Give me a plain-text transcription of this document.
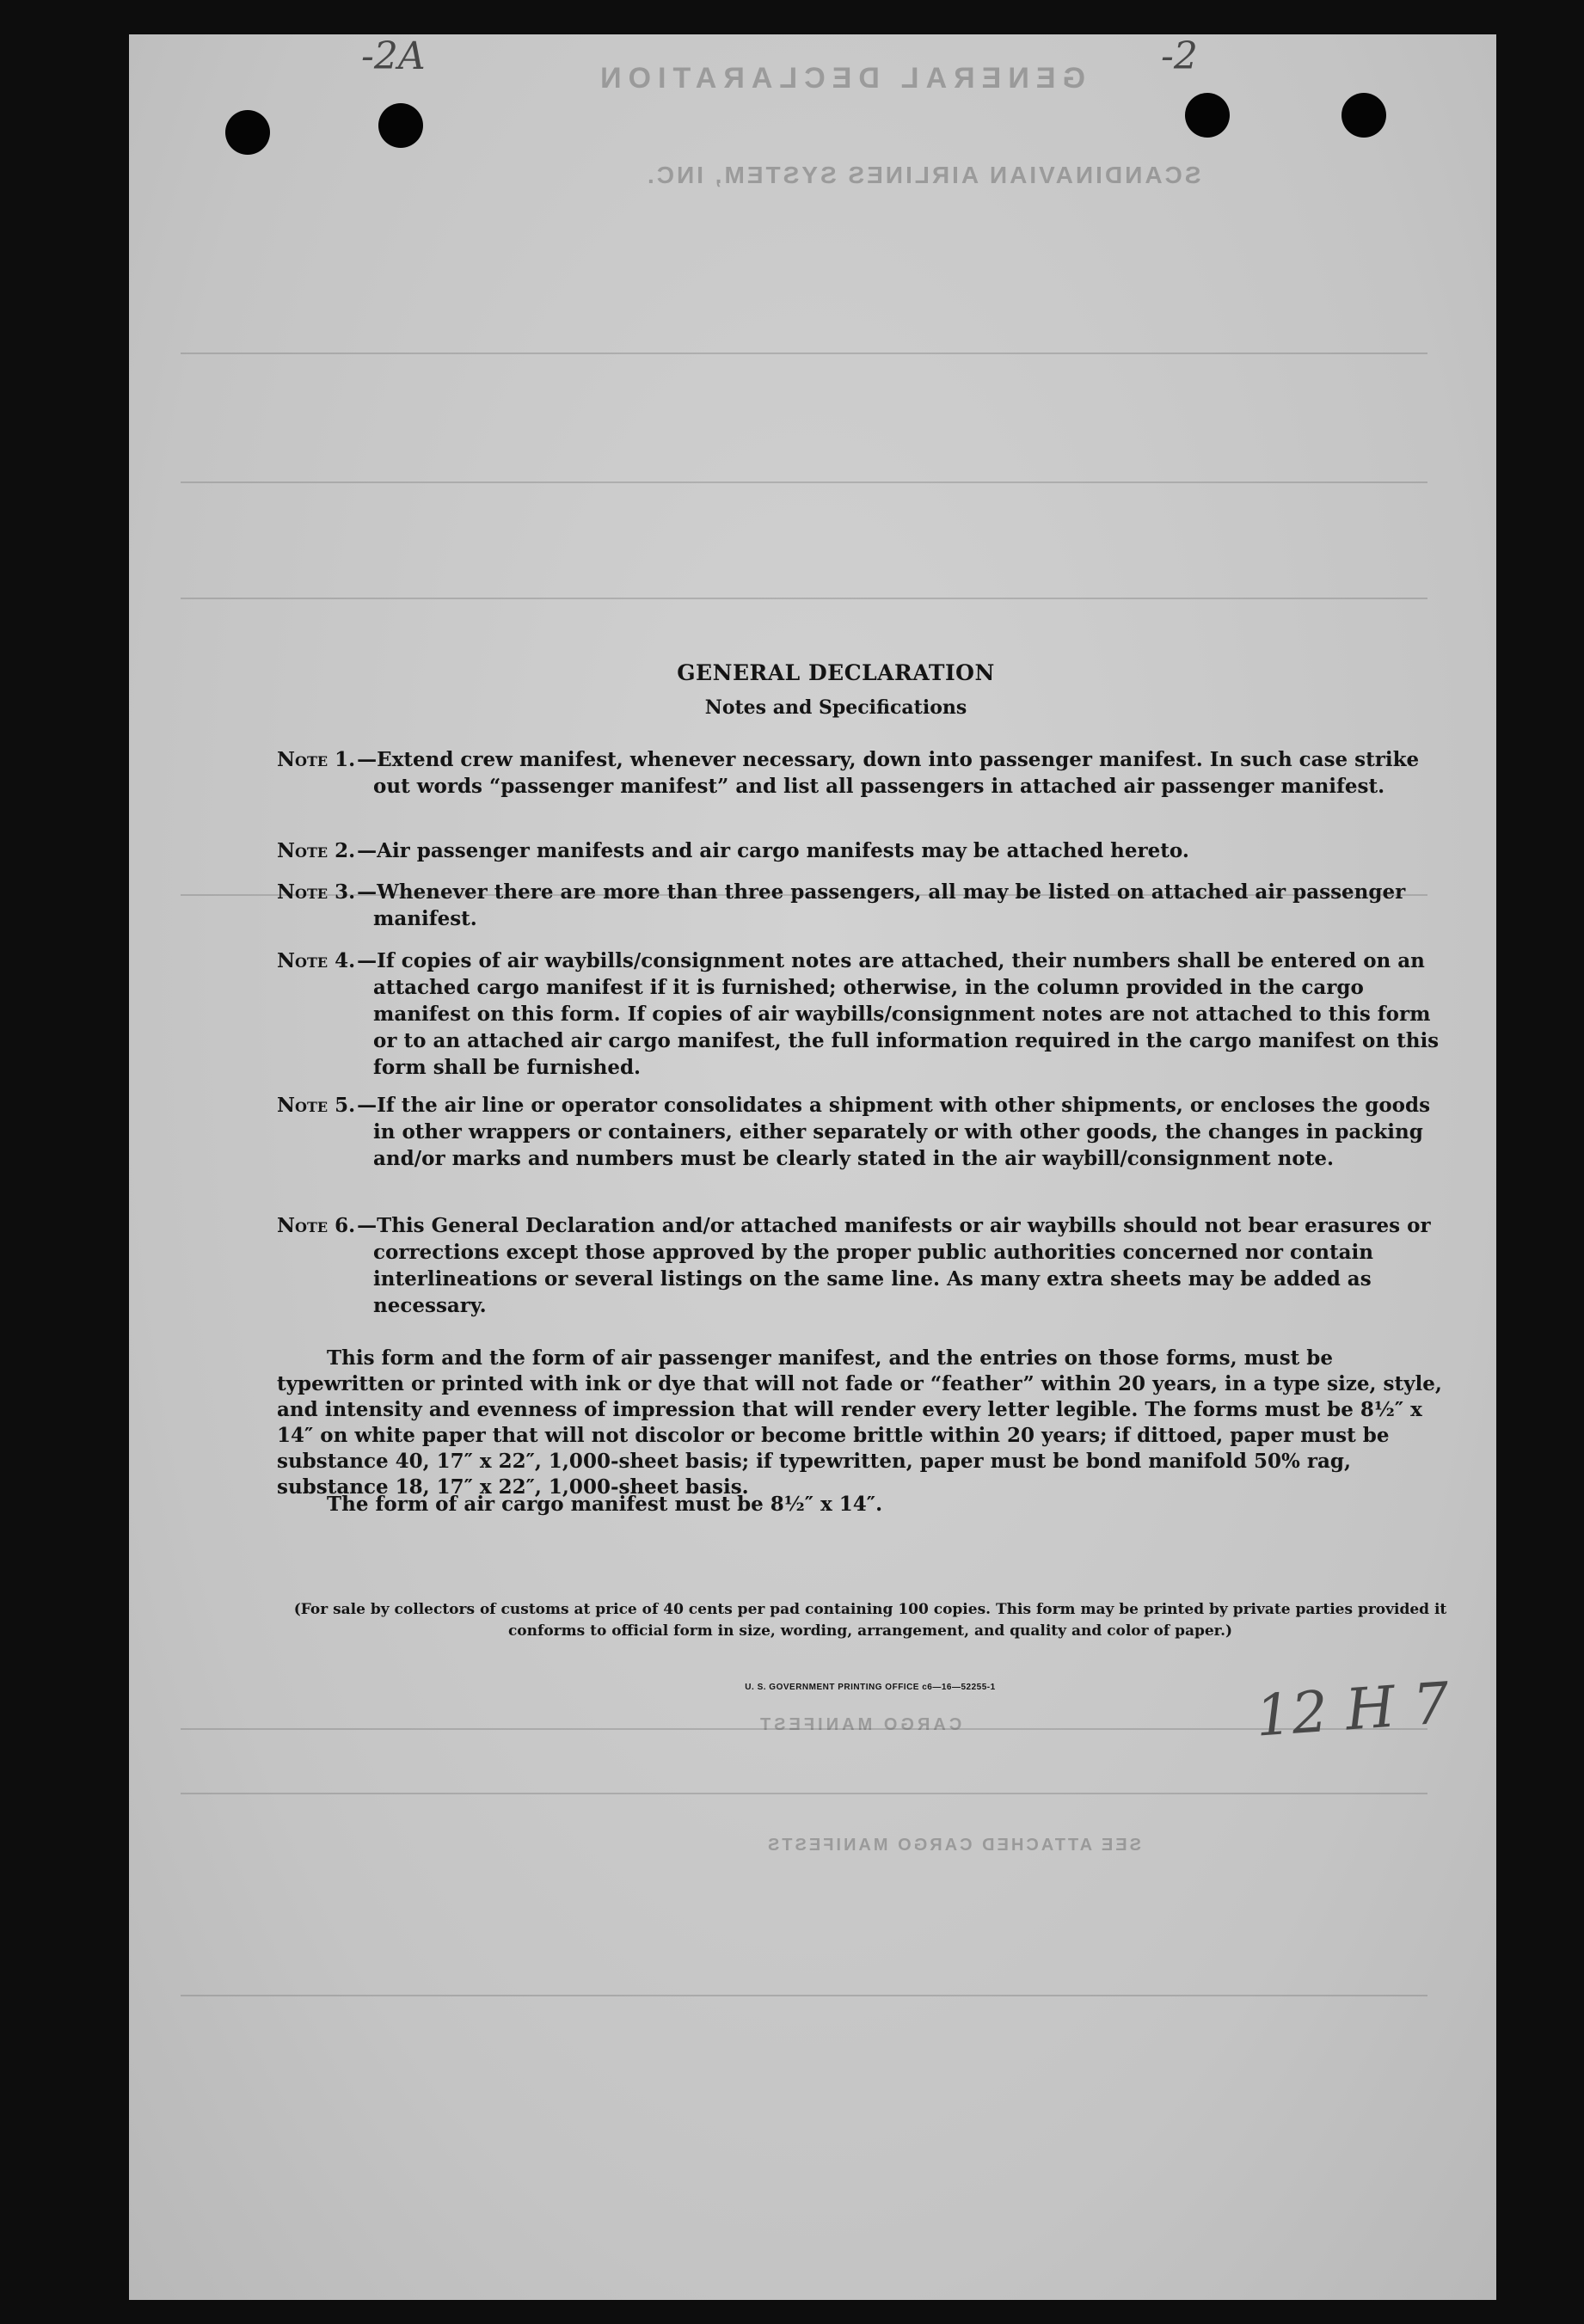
-2A	-2
12 H 7
GENERAL DECLARATION
SCANDINAVIAN AIRLINES SYSTEM, INC.
CARGO MANIFEST
SEE ATTACHED CARGO MANIFESTS
GENERAL DECLARATION
Notes and Specifications
Note 1. —Extend crew manifest, whenever necessary, down into passenger manifest. In such case strike out words “passenger manifest” and list all passengers in attached air passenger manifest.
Note 2. —Air passenger manifests and air cargo manifests may be attached hereto.
Note 3. —Whenever there are more than three passengers, all may be listed on attached air passenger manifest.
Note 4. —If copies of air waybills/consignment notes are attached, their numbers shall be entered on an attached cargo manifest if it is furnished; otherwise, in the column provided in the cargo manifest on this form. If copies of air waybills/consignment notes are not attached to this form or to an attached air cargo manifest, the full information required in the cargo manifest on this form shall be furnished.
Note 5. —If the air line or operator consolidates a shipment with other shipments, or encloses the goods in other wrappers or containers, either separately or with other goods, the changes in packing and/or marks and numbers must be clearly stated in the air waybill/consignment note.
Note 6. —This General Declaration and/or attached manifests or air waybills should not bear erasures or corrections except those approved by the proper public authorities concerned nor contain interlineations or several listings on the same line. As many extra sheets may be added as necessary.
This form and the form of air passenger manifest, and the entries on those forms, must be typewritten or printed with ink or dye that will not fade or “feather” within 20 years, in a type size, style, and intensity and evenness of impression that will render every letter legible. The forms must be 8½″ x 14″ on white paper that will not discolor or become brittle within 20 years; if dittoed, paper must be substance 40, 17″ x 22″, 1,000-sheet basis; if typewritten, paper must be bond manifold 50% rag, substance 18, 17″ x 22″, 1,000-sheet basis.
The form of air cargo manifest must be 8½″ x 14″.
(For sale by collectors of customs at price of 40 cents per pad containing 100 copies. This form may be printed by private parties provided it conforms to official form in size, wording, arrangement, and quality and color of paper.)
U. S. GOVERNMENT PRINTING OFFICE c6—16—52255-1
